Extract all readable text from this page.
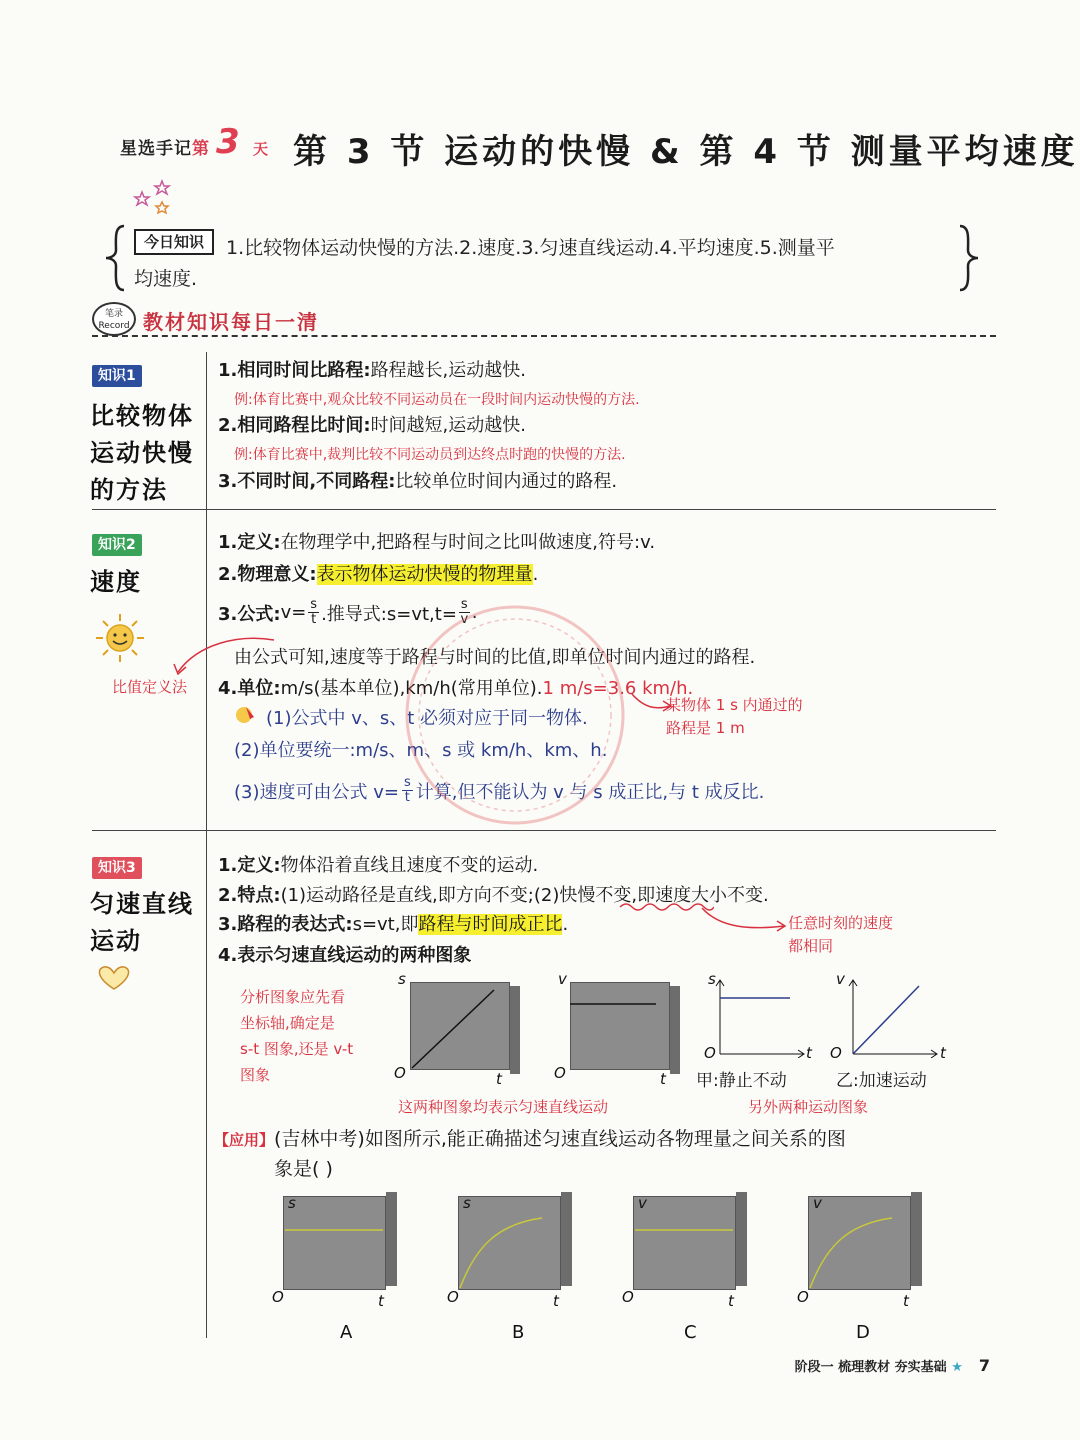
星选手记第 3 天 第 3 节 运动的快慢 & 第 4 节 测量平均速度
今日知识	1.比较物体运动快慢的方法.2.速度.3.匀速直线运动.4.平均速度.5.测量平
均速度.
笔录
Record 教材知识每日一清
知识1
比较物体
运动快慢
的方法
1.相同时间比路程:路程越长,运动越快.
例:体育比赛中,观众比较不同运动员在一段时间内运动快慢的方法.
2.相同路程比时间:时间越短,运动越快.
例:体育比赛中,裁判比较不同运动员到达终点时跑的快慢的方法.
3.不同时间,不同路程:比较单位时间内通过的路程.
知识2
速度
比值定义法
1.定义:在物理学中,把路程与时间之比叫做速度,符号:v.
2.物理意义:表示物体运动快慢的物理量.
3.公式: $v= \frac{s}{t}$ .推导式:s=vt,t= $\frac{s}{v}$ .
由公式可知,速度等于路程与时间的比值,即单位时间内通过的路程.
4.单位:m/s(基本单位),km/h(常用单位).1 m/s=3.6 km/h.
某物体 1 s 内通过的
路程是 1 m
(1)公式中 v、s、t 必须对应于同一物体.
(2)单位要统一:m/s、m、s 或 km/h、km、h.
(3)速度可由公式 $v= \frac{s}{t}$ 计算,但不能认为 v 与 s 成正比,与 t 成反比.
知识3
匀速直线
运动
1.定义:物体沿着直线且速度不变的运动.
2.特点:(1)运动路径是直线,即方向不变;(2)快慢不变,即速度大小不变.
3.路程的表达式:s=vt,即路程与时间成正比.
4.表示匀速直线运动的两种图象
任意时刻的速度
都相同
分析图象应先看
坐标轴,确定是
s-t 图象,还是 v-t
图象
s
O	t
v
O	t
s
O	t
甲:静止不动
v
O	t
乙:加速运动
这两种图象均表示匀速直线运动	另外两种运动图象
【应用】(吉林中考)如图所示,能正确描述匀速直线运动各物理量之间关系的图
象是( )
s
O	t
A
s
O	t
B
v
O	t
C
v
O	t
D
阶段一 梳理教材 夯实基础 ★ 7
